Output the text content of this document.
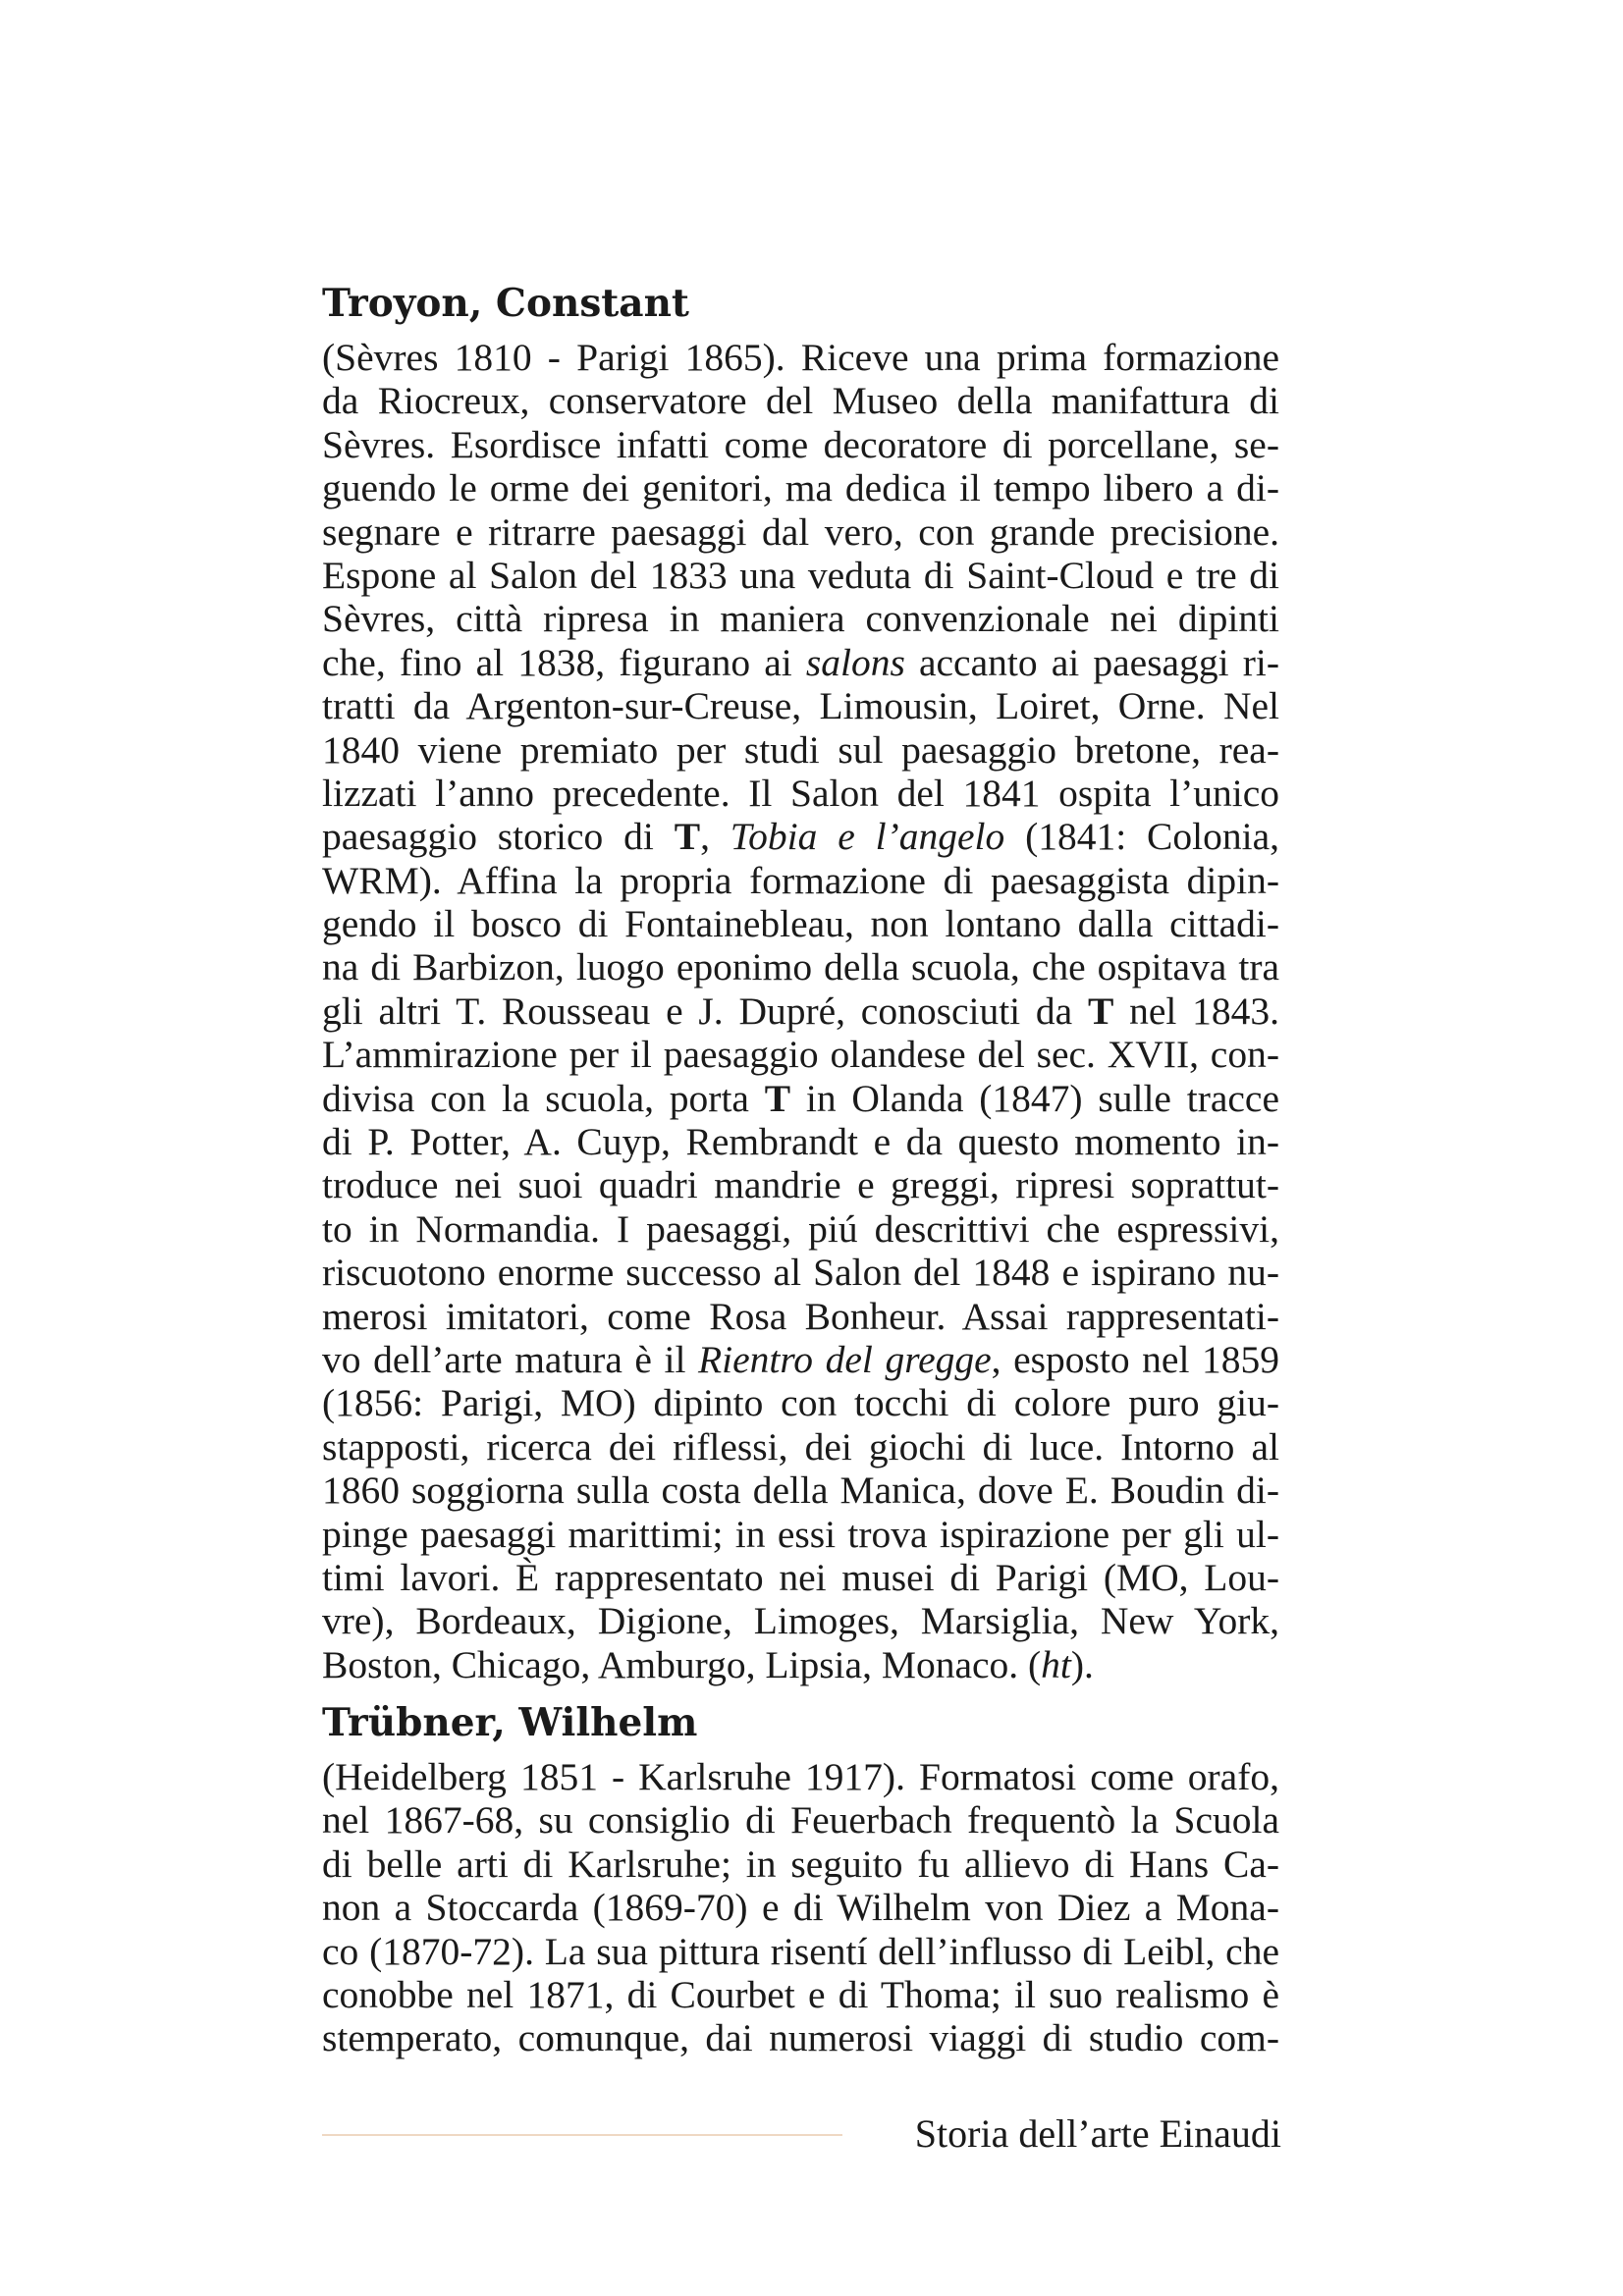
Troyon, Constant
(Sèvres 1810 - Parigi 1865). Riceve una prima formazione
da Riocreux, conservatore del Museo della manifattura di
Sèvres. Esordisce infatti come decoratore di porcellane, se-
guendo le orme dei genitori, ma dedica il tempo libero a di-
segnare e ritrarre paesaggi dal vero, con grande precisione.
Espone al Salon del 1833 una veduta di Saint-Cloud e tre di
Sèvres, città ripresa in maniera convenzionale nei dipinti
che, fino al 1838, figurano ai salons accanto ai paesaggi ri-
tratti da Argenton-sur-Creuse, Limousin, Loiret, Orne. Nel
1840 viene premiato per studi sul paesaggio bretone, rea-
lizzati l’anno precedente. Il Salon del 1841 ospita l’unico
paesaggio storico di T, Tobia e l’angelo (1841: Colonia,
WRM). Affina la propria formazione di paesaggista dipin-
gendo il bosco di Fontainebleau, non lontano dalla cittadi-
na di Barbizon, luogo eponimo della scuola, che ospitava tra
gli altri T. Rousseau e J. Dupré, conosciuti da T nel 1843.
L’ammirazione per il paesaggio olandese del sec. XVII, con-
divisa con la scuola, porta T in Olanda (1847) sulle tracce
di P. Potter, A. Cuyp, Rembrandt e da questo momento in-
troduce nei suoi quadri mandrie e greggi, ripresi soprattut-
to in Normandia. I paesaggi, piú descrittivi che espressivi,
riscuotono enorme successo al Salon del 1848 e ispirano nu-
merosi imitatori, come Rosa Bonheur. Assai rappresentati-
vo dell’arte matura è il Rientro del gregge, esposto nel 1859
(1856: Parigi, MO) dipinto con tocchi di colore puro giu-
stapposti, ricerca dei riflessi, dei giochi di luce. Intorno al
1860 soggiorna sulla costa della Manica, dove E. Boudin di-
pinge paesaggi marittimi; in essi trova ispirazione per gli ul-
timi lavori. È rappresentato nei musei di Parigi (MO, Lou-
vre), Bordeaux, Digione, Limoges, Marsiglia, New York,
Boston, Chicago, Amburgo, Lipsia, Monaco. (ht).
Trübner, Wilhelm
(Heidelberg 1851 - Karlsruhe 1917). Formatosi come orafo,
nel 1867-68, su consiglio di Feuerbach frequentò la Scuola
di belle arti di Karlsruhe; in seguito fu allievo di Hans Ca-
non a Stoccarda (1869-70) e di Wilhelm von Diez a Mona-
co (1870-72). La sua pittura risentí dell’influsso di Leibl, che
conobbe nel 1871, di Courbet e di Thoma; il suo realismo è
stemperato, comunque, dai numerosi viaggi di studio com-
Storia dell’arte Einaudi
